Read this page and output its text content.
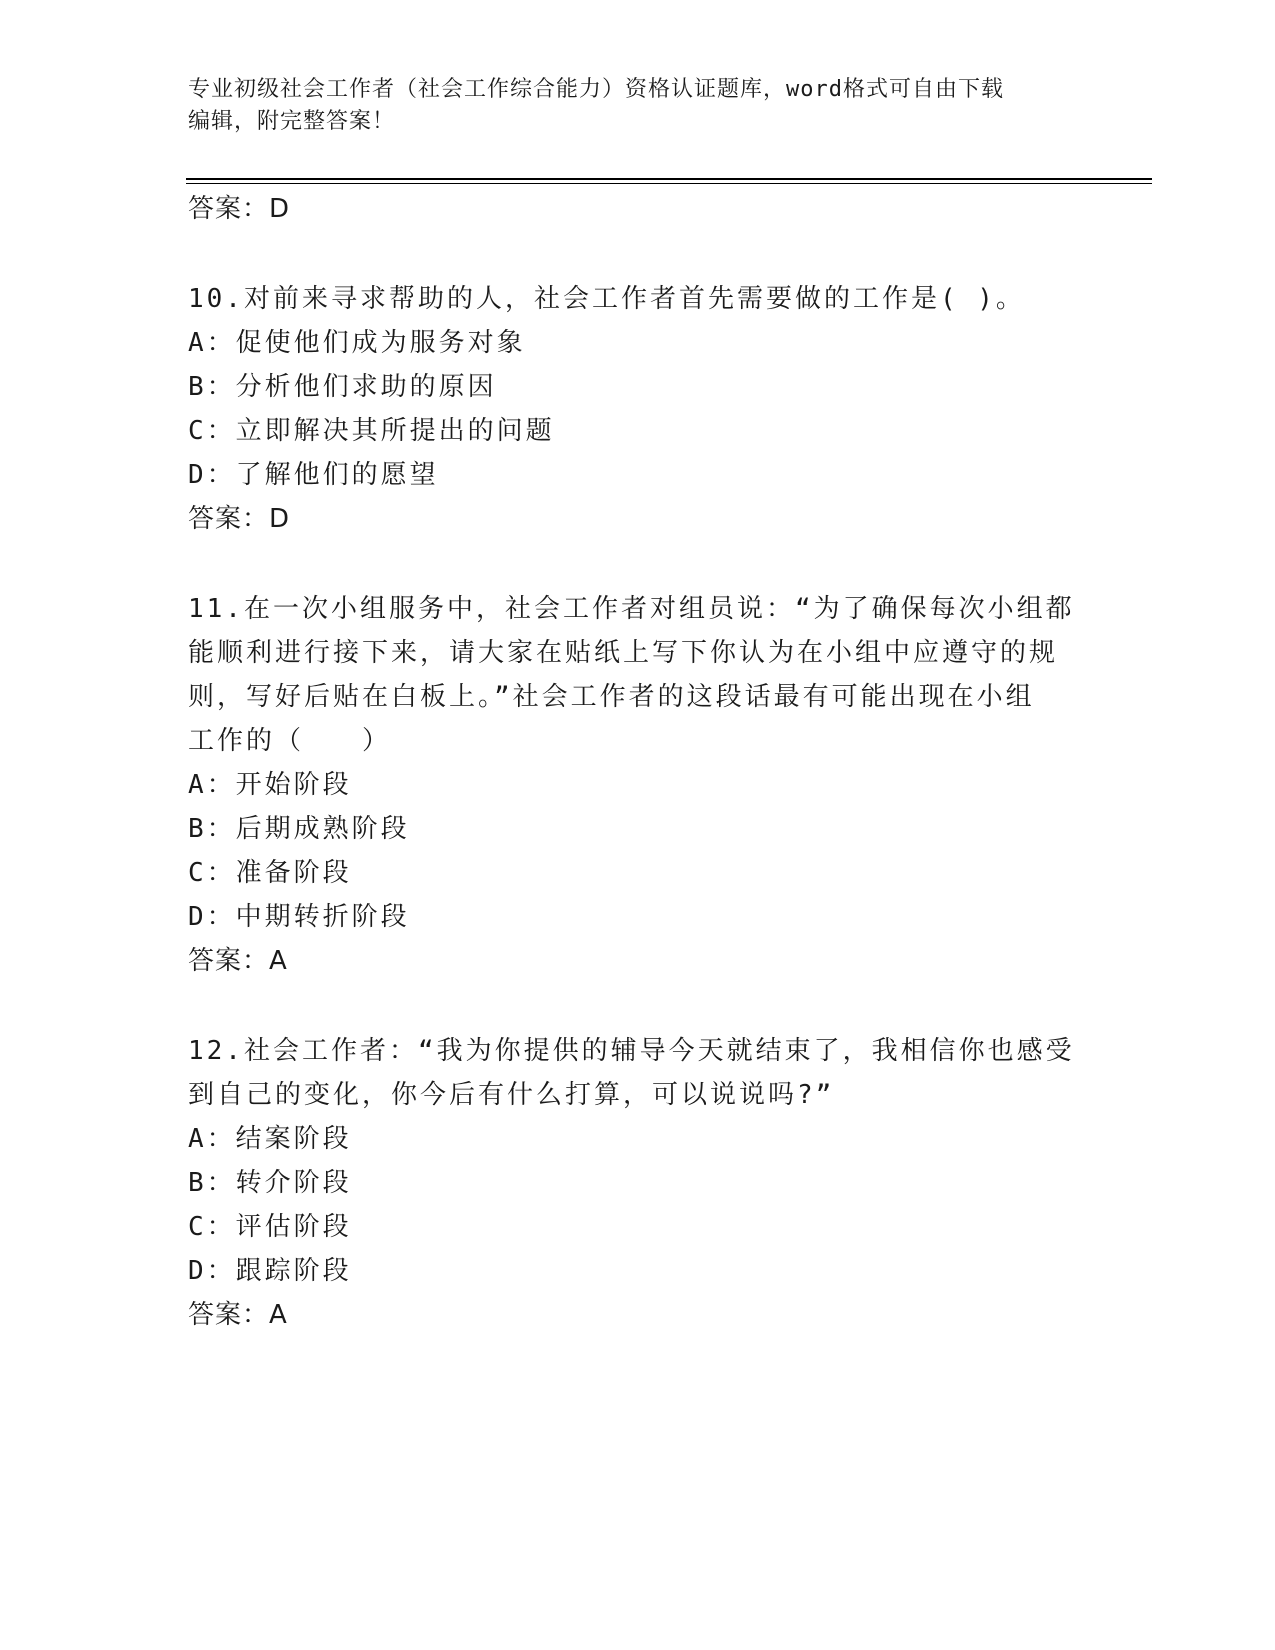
专业初级社会工作者（社会工作综合能力）资格认证题库，word格式可自由下载
编辑，附完整答案！
答案：D
10.对前来寻求帮助的人，社会工作者首先需要做的工作是( )。
A：促使他们成为服务对象
B：分析他们求助的原因
C：立即解决其所提出的问题
D：了解他们的愿望
答案：D
11.在一次小组服务中，社会工作者对组员说：“为了确保每次小组都
能顺利进行接下来，请大家在贴纸上写下你认为在小组中应遵守的规
则，写好后贴在白板上。”社会工作者的这段话最有可能出现在小组
工作的（　　）
A：开始阶段
B：后期成熟阶段
C：准备阶段
D：中期转折阶段
答案：A
12.社会工作者：“我为你提供的辅导今天就结束了，我相信你也感受
到自己的变化，你今后有什么打算，可以说说吗?”
A：结案阶段
B：转介阶段
C：评估阶段
D：跟踪阶段
答案：A
